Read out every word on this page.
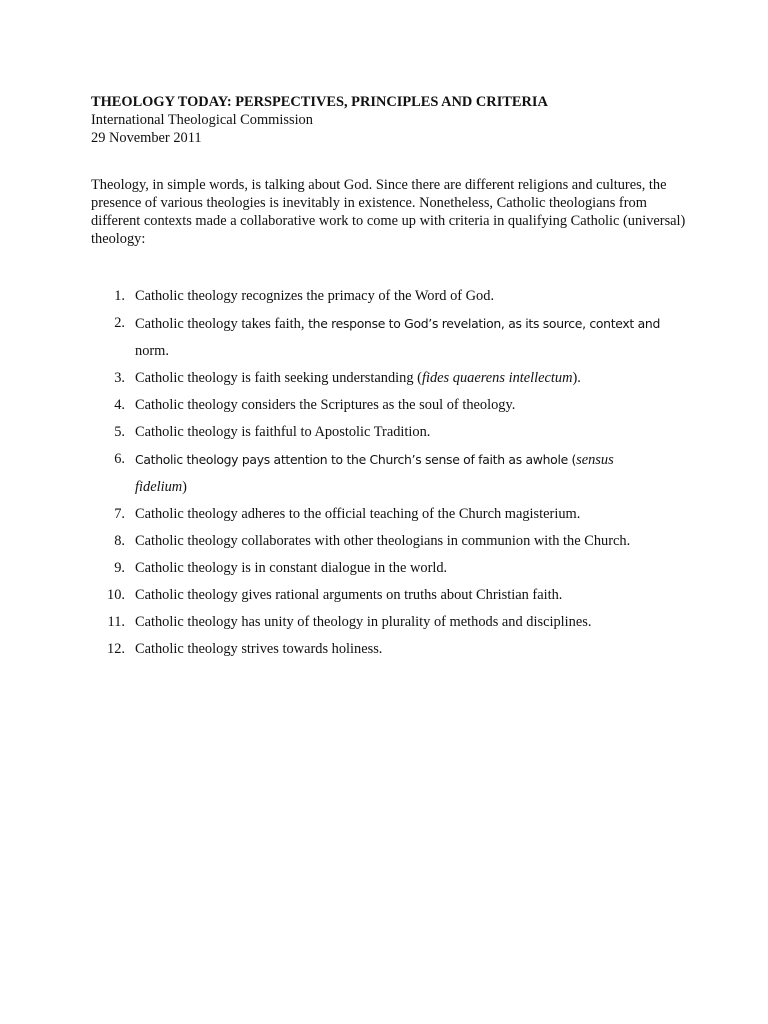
THEOLOGY TODAY: PERSPECTIVES, PRINCIPLES AND CRITERIA

International Theological Commission

29 November 2011

Theology, in simple words, is talking about God. Since there are different religions and cultures, the presence of various theologies is inevitably in existence. Nonetheless, Catholic theologians from different contexts made a collaborative work to come up with criteria in qualifying Catholic (universal) theology:

1. Catholic theology recognizes the primacy of the Word of God.
2. Catholic theology takes faith, the response to God’s revelation, as its source, context and
norm.
3. Catholic theology is faith seeking understanding (fides quaerens intellectum).
4. Catholic theology considers the Scriptures as the soul of theology.
5. Catholic theology is faithful to Apostolic Tradition.
6. Catholic theology pays attention to the Church’s sense of faith as awhole (sensus
fidelium)
7. Catholic theology adheres to the official teaching of the Church magisterium.
8. Catholic theology collaborates with other theologians in communion with the Church.
9. Catholic theology is in constant dialogue in the world.
10. Catholic theology gives rational arguments on truths about Christian faith.
11. Catholic theology has unity of theology in plurality of methods and disciplines.
12. Catholic theology strives towards holiness.
